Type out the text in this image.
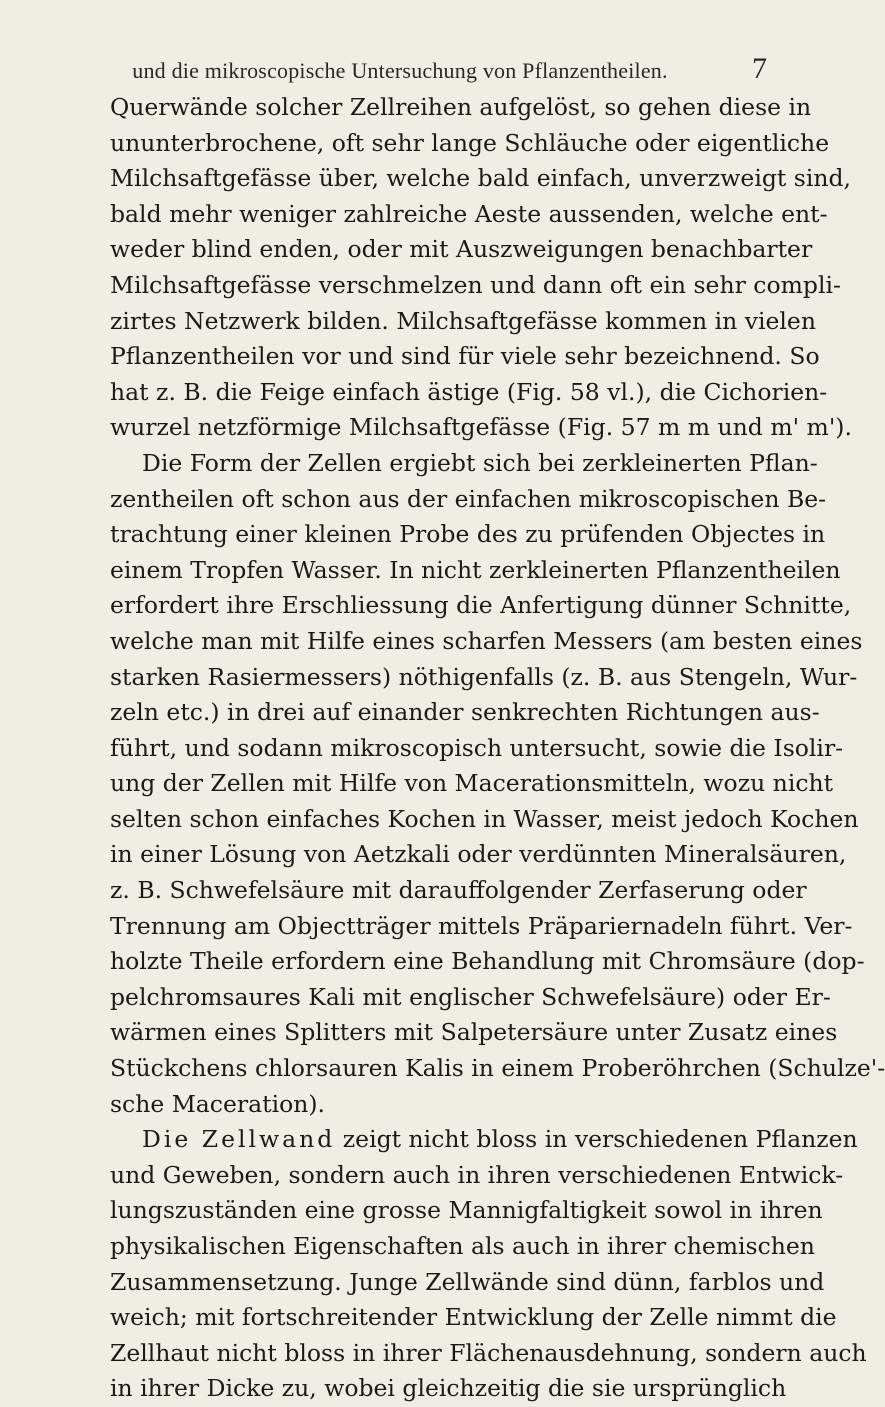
und die mikroscopische Untersuchung von Pflanzentheilen.	7
Querwände solcher Zellreihen aufgelöst, so gehen diese in
ununterbrochene, oft sehr lange Schläuche oder eigentliche
Milchsaftgefässe über, welche bald einfach, unverzweigt sind,
bald mehr weniger zahlreiche Aeste aussenden, welche ent-
weder blind enden, oder mit Auszweigungen benachbarter
Milchsaftgefässe verschmelzen und dann oft ein sehr compli-
zirtes Netzwerk bilden. Milchsaftgefässe kommen in vielen
Pflanzentheilen vor und sind für viele sehr bezeichnend. So
hat z. B. die Feige einfach ästige (Fig. 58 vl.), die Cichorien-
wurzel netzförmige Milchsaftgefässe (Fig. 57 m m und m' m').
Die Form der Zellen ergiebt sich bei zerkleinerten Pflan-
zentheilen oft schon aus der einfachen mikroscopischen Be-
trachtung einer kleinen Probe des zu prüfenden Objectes in
einem Tropfen Wasser. In nicht zerkleinerten Pflanzentheilen
erfordert ihre Erschliessung die Anfertigung dünner Schnitte,
welche man mit Hilfe eines scharfen Messers (am besten eines
starken Rasiermessers) nöthigenfalls (z. B. aus Stengeln, Wur-
zeln etc.) in drei auf einander senkrechten Richtungen aus-
führt, und sodann mikroscopisch untersucht, sowie die Isolir-
ung der Zellen mit Hilfe von Macerationsmitteln, wozu nicht
selten schon einfaches Kochen in Wasser, meist jedoch Kochen
in einer Lösung von Aetzkali oder verdünnten Mineralsäuren,
z. B. Schwefelsäure mit darauffolgender Zerfaserung oder
Trennung am Objectträger mittels Präpariernadeln führt. Ver-
holzte Theile erfordern eine Behandlung mit Chromsäure (dop-
pelchromsaures Kali mit englischer Schwefelsäure) oder Er-
wärmen eines Splitters mit Salpetersäure unter Zusatz eines
Stückchens chlorsauren Kalis in einem Proberöhrchen (Schulze'-
sche Maceration).
Die Zellwand zeigt nicht bloss in verschiedenen Pflanzen
und Geweben, sondern auch in ihren verschiedenen Entwick-
lungszuständen eine grosse Mannigfaltigkeit sowol in ihren
physikalischen Eigenschaften als auch in ihrer chemischen
Zusammensetzung. Junge Zellwände sind dünn, farblos und
weich; mit fortschreitender Entwicklung der Zelle nimmt die
Zellhaut nicht bloss in ihrer Flächenausdehnung, sondern auch
in ihrer Dicke zu, wobei gleichzeitig die sie ursprünglich
